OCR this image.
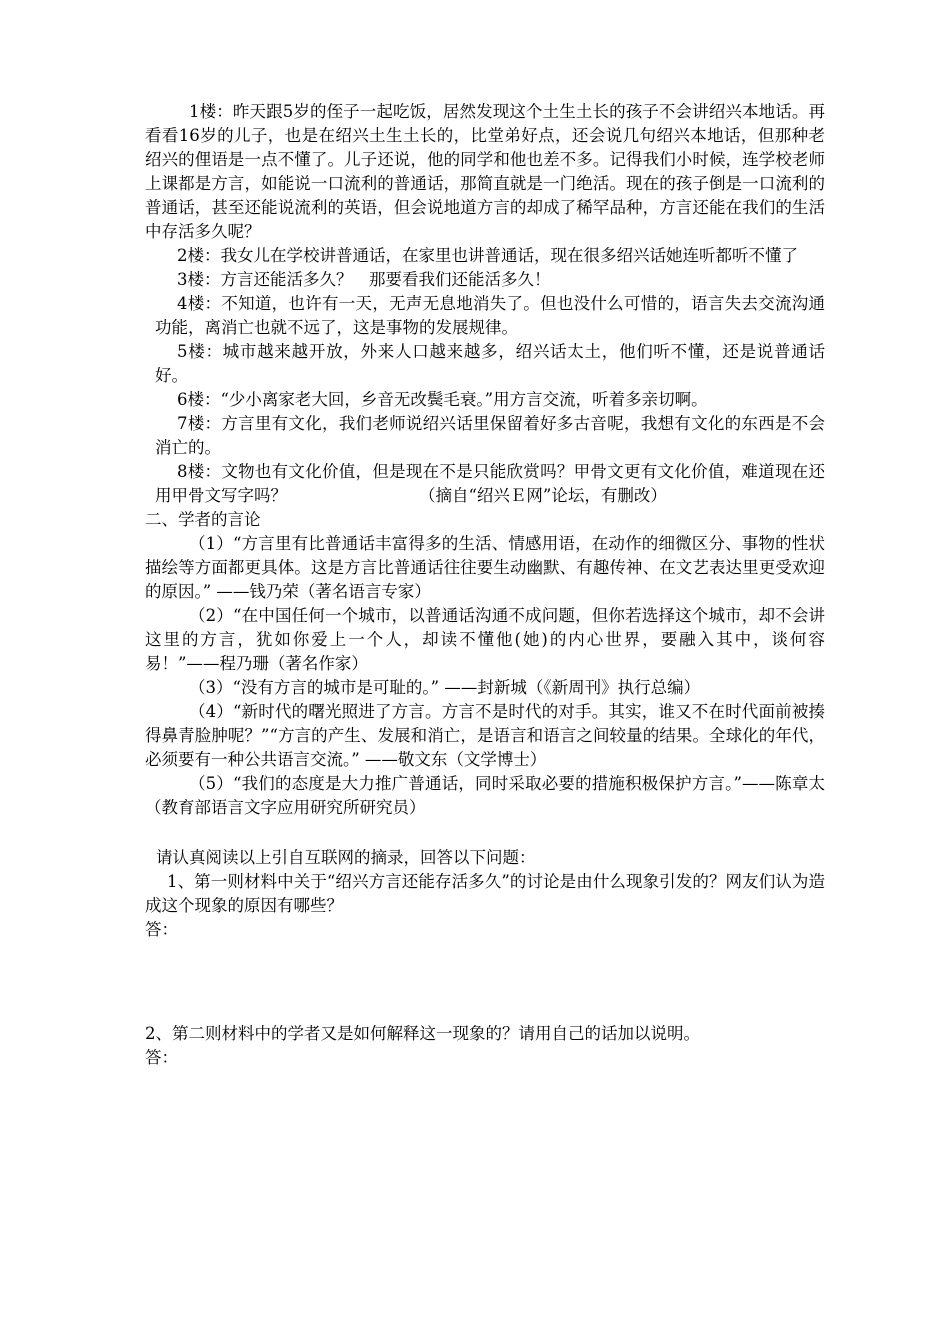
1楼：昨天跟5岁的侄子一起吃饭，居然发现这个土生土长的孩子不会讲绍兴本地话。再看看16岁的儿子，也是在绍兴土生土长的，比堂弟好点，还会说几句绍兴本地话，但那种老绍兴的俚语是一点不懂了。儿子还说，他的同学和他也差不多。记得我们小时候，连学校老师上课都是方言，如能说一口流利的普通话，那简直就是一门绝活。现在的孩子倒是一口流利的普通话，甚至还能说流利的英语，但会说地道方言的却成了稀罕品种，方言还能在我们的生活中存活多久呢？

2楼：我女儿在学校讲普通话，在家里也讲普通话，现在很多绍兴话她连听都听不懂了

3楼：方言还能活多久？　那要看我们还能活多久！

4楼：不知道，也许有一天，无声无息地消失了。但也没什么可惜的，语言失去交流沟通功能，离消亡也就不远了，这是事物的发展规律。

5楼：城市越来越开放，外来人口越来越多，绍兴话太土，他们听不懂，还是说普通话好。

6楼：“少小离家老大回，乡音无改鬓毛衰。”用方言交流，听着多亲切啊。

7楼：方言里有文化，我们老师说绍兴话里保留着好多古音呢，我想有文化的东西是不会消亡的。

8楼：文物也有文化价值，但是现在不是只能欣赏吗？甲骨文更有文化价值，难道现在还用甲骨文写字吗？	（摘自“绍兴Ｅ网”论坛，有删改）

二、学者的言论

（1）“方言里有比普通话丰富得多的生活、情感用语，在动作的细微区分、事物的性状描绘等方面都更具体。这是方言比普通话往往要生动幽默、有趣传神、在文艺表达里更受欢迎的原因。” ——钱乃荣（著名语言专家）

（2）“在中国任何一个城市，以普通话沟通不成问题，但你若选择这个城市，却不会讲这里的方言，犹如你爱上一个人，却读不懂他(她)的内心世界，要融入其中，谈何容易！”——程乃珊（著名作家）

（3）“没有方言的城市是可耻的。” ——封新城（《新周刊》执行总编）

（4）“新时代的曙光照进了方言。方言不是时代的对手。其实，谁又不在时代面前被揍得鼻青脸肿呢？”“方言的产生、发展和消亡，是语言和语言之间较量的结果。全球化的年代，必须要有一种公共语言交流。” ——敬文东（文学博士）

（5）“我们的态度是大力推广普通话，同时采取必要的措施积极保护方言。”——陈章太（教育部语言文字应用研究所研究员）

请认真阅读以上引自互联网的摘录，回答以下问题：

1、第一则材料中关于“绍兴方言还能存活多久”的讨论是由什么现象引发的？网友们认为造成这个现象的原因有哪些？

答：

2、第二则材料中的学者又是如何解释这一现象的？请用自己的话加以说明。

答：
